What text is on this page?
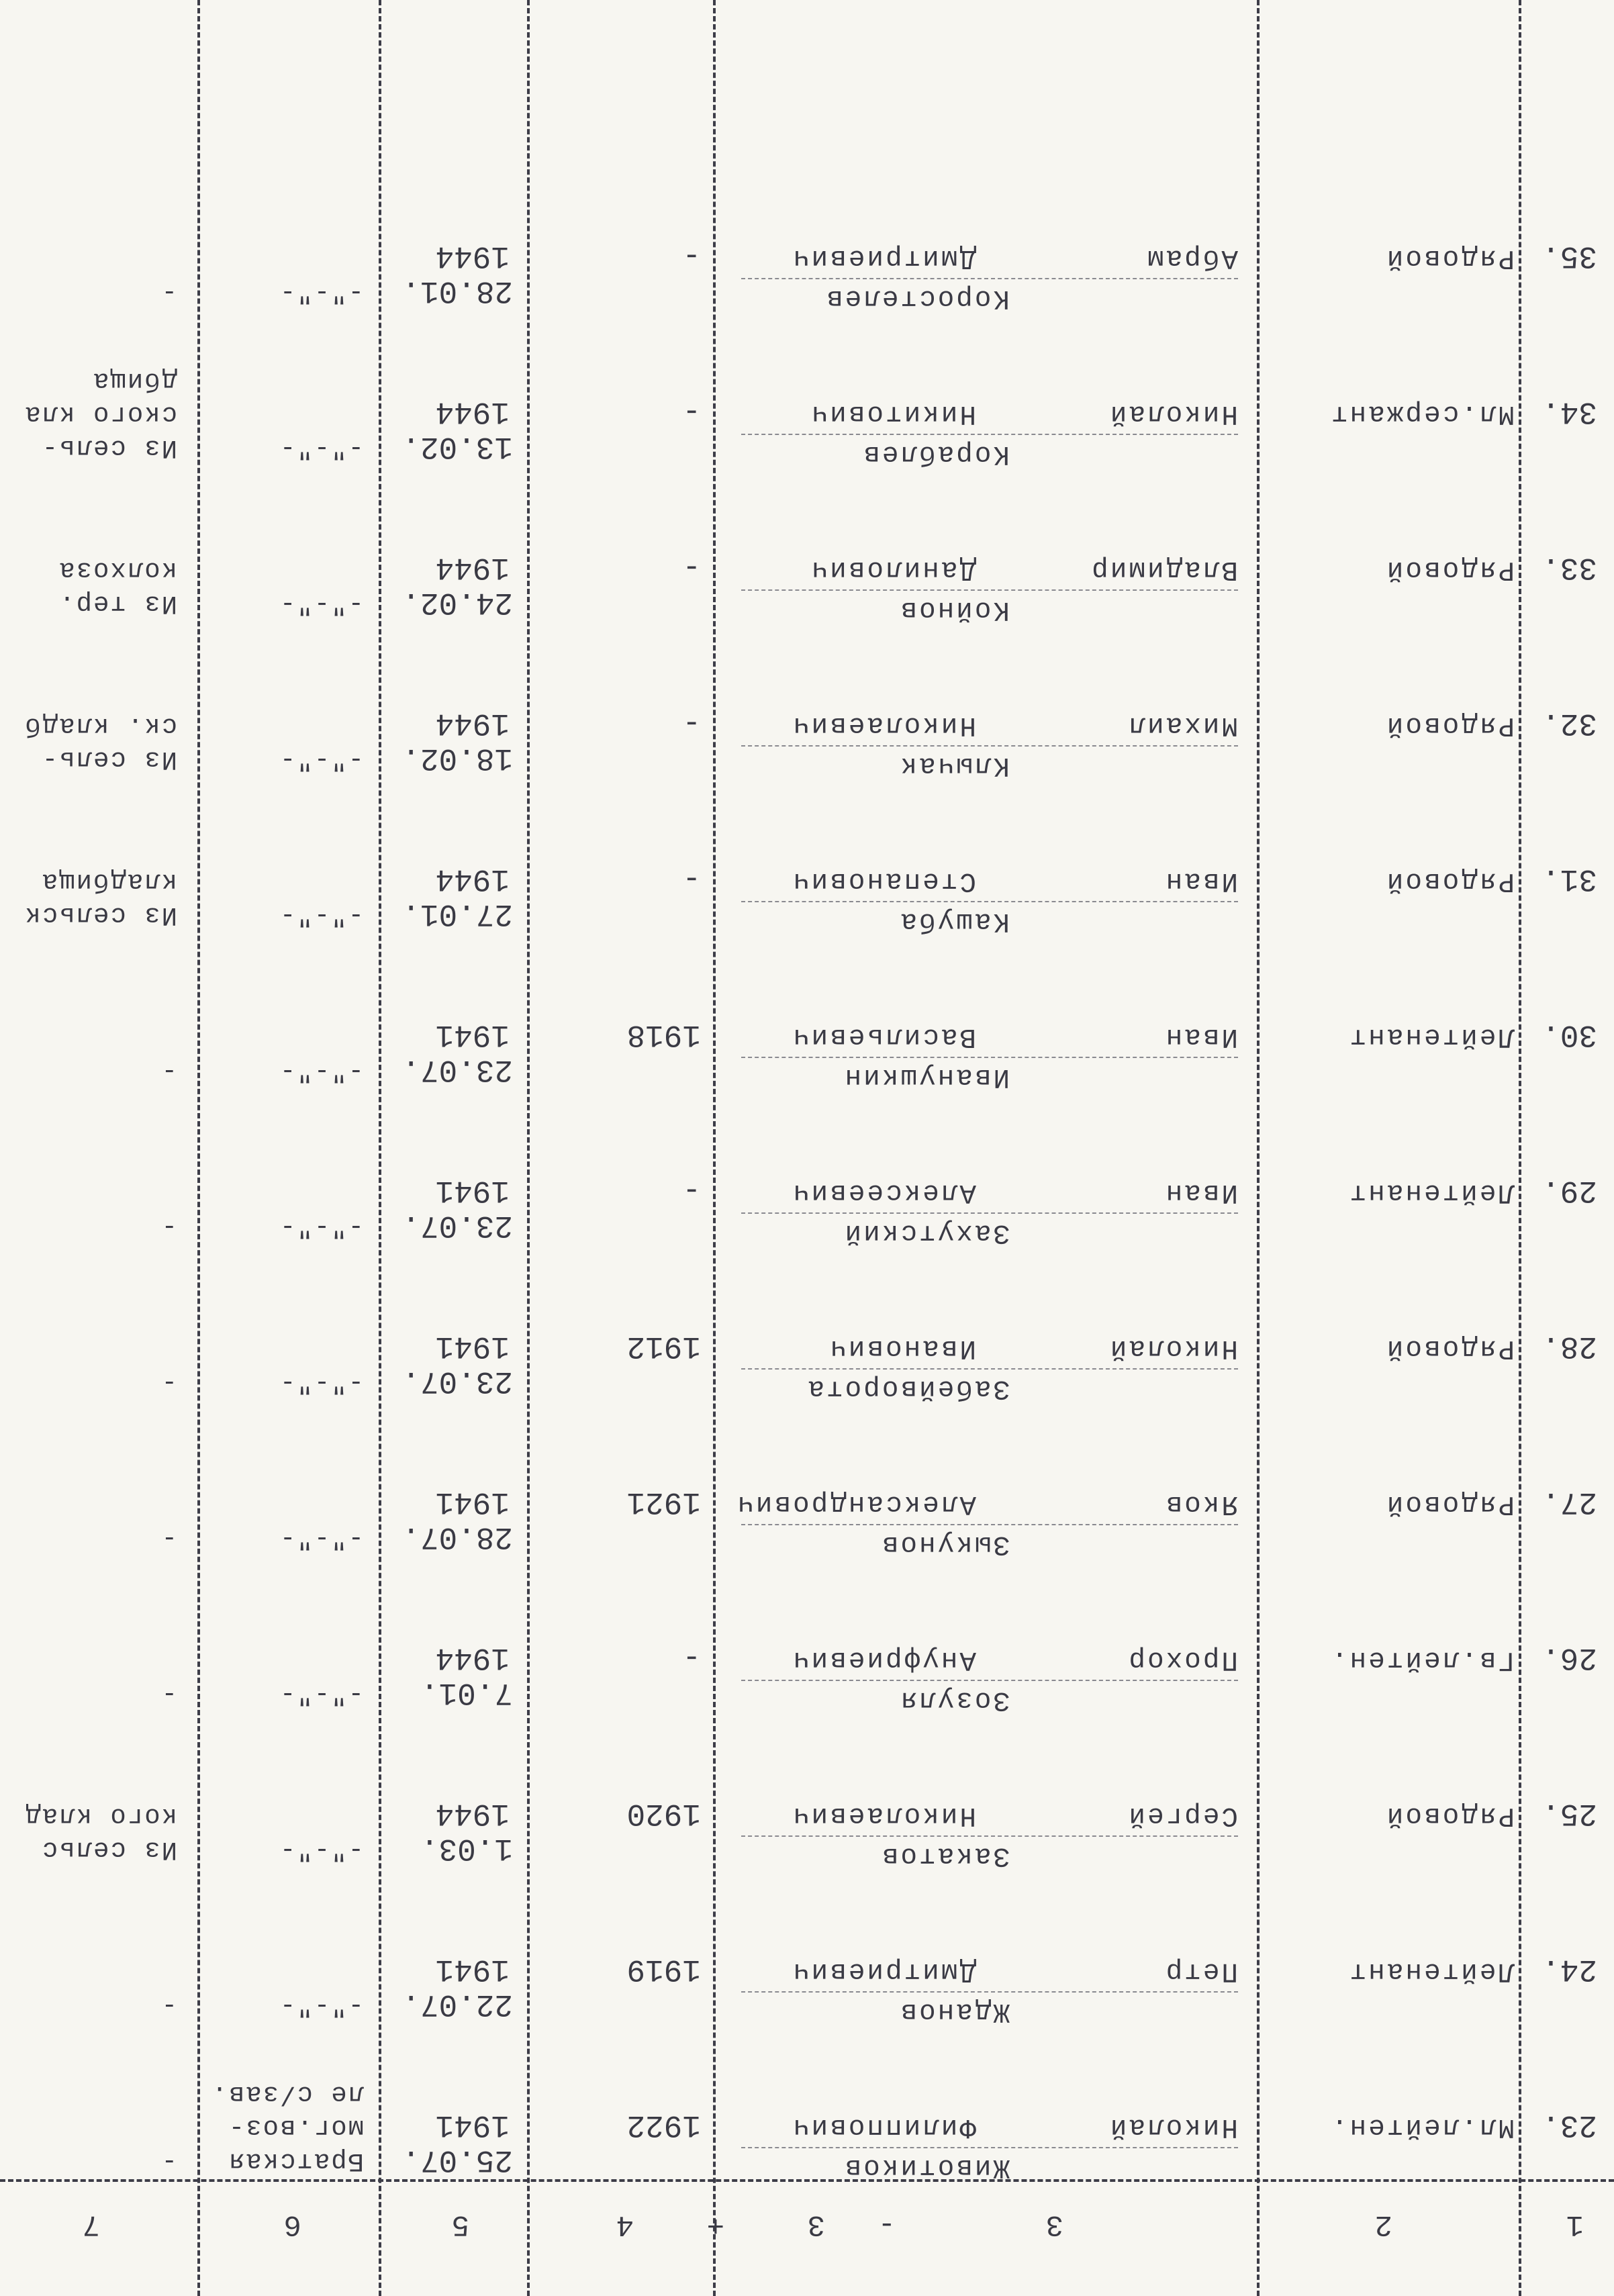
1
2
3
-
3
+
4
5
6
7
23.
Мл.лейтен.
Животиков
Николай
Филиппович
1922
25.07.
1941
Братская
мог.воз-
ле с/зав.
-
24.
Лейтенант
Жданов
Петр
Дмитриевич
1919
22.07.
1941
-"-"-
-
25.
Рядовой
Закатов
Сергей
Николаевич
1920
1.03.
1944
-"-"-
Из сельс
кого клад
26.
Гв.лейтен.
Зозуля
Прохор
Ануфриевич
-
7.01.
1944
-"-"-
-
27.
Рядовой
Зыкунов
Яков
Александрович
1921
28.07.
1941
-"-"-
-
28.
Рядовой
Забейворота
Николай
Иванович
1912
23.07.
1941
-"-"-
-
29.
Лейтенант
Захутский
Иван
Алексеевич
-
23.07.
1941
-"-"-
-
30.
Лейтенант
Иванушкин
Иван
Васильевич
1918
23.07.
1941
-"-"-
-
31.
Рядовой
Кашуба
Иван
Степанович
-
27.01.
1944
-"-"-
Из сельск
кладбища
32.
Рядовой
Клычак
Михаил
Николаевич
-
18.02.
1944
-"-"-
Из сель-
ск. кладб
33.
Рядовой
Койнов
Владимир
Данилович
-
24.02.
1944
-"-"-
Из тер.
колхоза
34.
Мл.сержант
Кораблев
Николай
Никитович
-
13.02.
1944
-"-"-
Из сель-
ского кла
дбища
35.
Рядовой
Коростелев
Абрам
Дмитриевич
-
28.01.
1944
-"-"-
-
